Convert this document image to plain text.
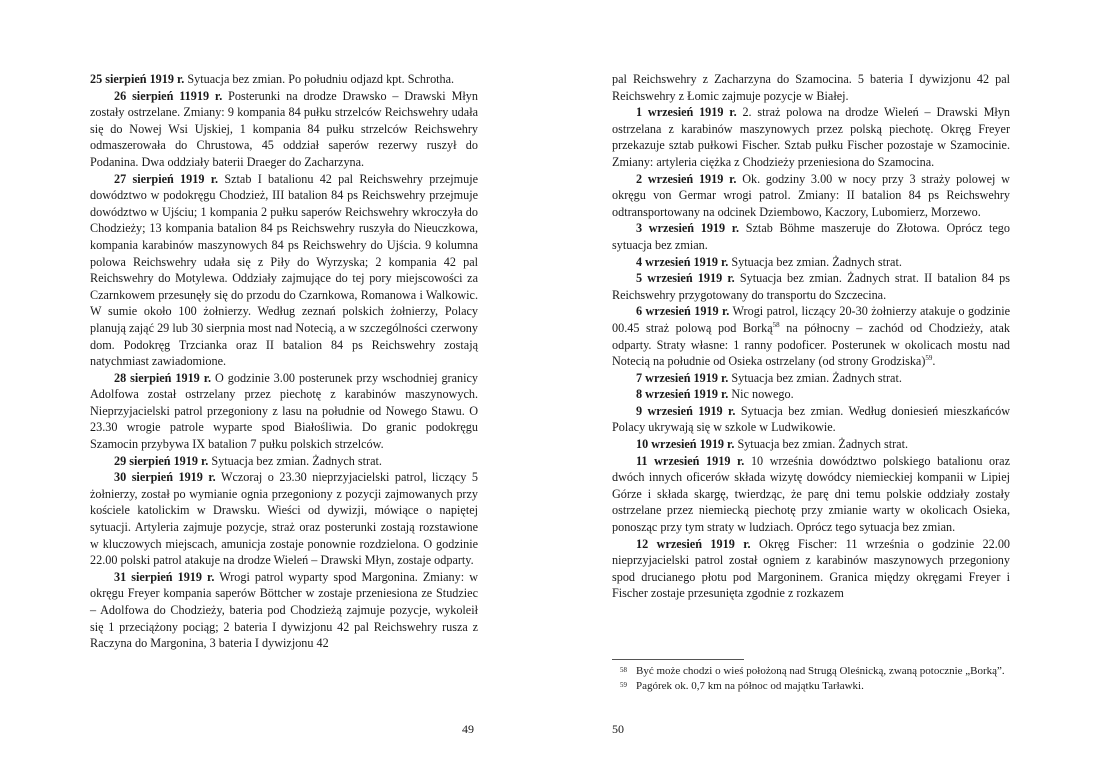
25 sierpień 1919 r. Sytuacja bez zmian. Po południu odjazd kpt. Schrotha.

26 sierpień 11919 r. Posterunki na drodze Drawsko – Drawski Młyn zostały ostrzelane. Zmiany: 9 kompania 84 pułku strzelców Reichswehry udała się do Nowej Wsi Ujskiej, 1 kompania 84 pułku strzelców Reichswehry odmaszerowała do Chrustowa, 45 oddział saperów rezerwy ruszył do Podanina. Dwa oddziały baterii Draeger do Zacharzyna.

27 sierpień 1919 r. Sztab I batalionu 42 pal Reichswehry przejmuje dowództwo w podokręgu Chodzież, III batalion 84 ps Reichswehry przejmuje dowództwo w Ujściu; 1 kompania 2 pułku saperów Reichswehry wkroczyła do Chodzieży; 13 kompania batalion 84 ps Reichswehry ruszyła do Nieuczkowa, kompania karabinów maszynowych 84 ps Reichswehry do Ujścia. 9 kolumna polowa Reichswehry udała się z Piły do Wyrzyska; 2 kompania 42 pal Reichswehry do Motylewa. Oddziały zajmujące do tej pory miejscowości za Czarnkowem przesunęły się do przodu do Czarnkowa, Romanowa i Walkowic. W sumie około 100 żołnierzy. Według zeznań polskich żołnierzy, Polacy planują zająć 29 lub 30 sierpnia most nad Notecią, a w szczególności czerwony dom. Podokręg Trzcianka oraz II batalion 84 ps Reichswehry zostają natychmiast zawiadomione.

28 sierpień 1919 r. O godzinie 3.00 posterunek przy wschodniej granicy Adolfowa został ostrzelany przez piechotę z karabinów maszynowych. Nieprzyjacielski patrol przegoniony z lasu na południe od Nowego Stawu. O 23.30 wrogie patrole wyparte spod Białośliwia. Do granic podokręgu Szamocin przybywa IX batalion 7 pułku polskich strzelców.

29 sierpień 1919 r. Sytuacja bez zmian. Żadnych strat.

30 sierpień 1919 r. Wczoraj o 23.30 nieprzyjacielski patrol, liczący 5 żołnierzy, został po wymianie ognia przegoniony z pozycji zajmowanych przy kościele katolickim w Drawsku. Wieści od dywizji, mówiące o napiętej sytuacji. Artyleria zajmuje pozycje, straż oraz posterunki zostają rozstawione w kluczowych miejscach, amunicja zostaje ponownie rozdzielona. O godzinie 22.00 polski patrol atakuje na drodze Wieleń – Drawski Młyn, zostaje odparty.

31 sierpień 1919 r. Wrogi patrol wyparty spod Margonina. Zmiany: w okręgu Freyer kompania saperów Böttcher w zostaje przeniesiona ze Studziec – Adolfowa do Chodzieży, bateria pod Chodzieżą zajmuje pozycje, wykoleił się 1 przeciążony pociąg; 2 bateria I dywizjonu 42 pal Reichswehry rusza z Raczyna do Margonina, 3 bateria I dywizjonu 42

49

pal Reichswehry z Zacharzyna do Szamocina. 5 bateria I dywizjonu 42 pal Reichswehry z Łomic zajmuje pozycje w Białej.

1 wrzesień 1919 r. 2. straż polowa na drodze Wieleń – Drawski Młyn ostrzelana z karabinów maszynowych przez polską piechotę. Okręg Freyer przekazuje sztab pułkowi Fischer. Sztab pułku Fischer pozostaje w Szamocinie. Zmiany: artyleria ciężka z Chodzieży przeniesiona do Szamocina.

2 wrzesień 1919 r. Ok. godziny 3.00 w nocy przy 3 straży polowej w okręgu von Germar wrogi patrol. Zmiany: II batalion 84 ps Reichswehry odtransportowany na odcinek Dziembowo, Kaczory, Lubomierz, Morzewo.

3 wrzesień 1919 r. Sztab Böhme maszeruje do Złotowa. Oprócz tego sytuacja bez zmian.

4 wrzesień 1919 r. Sytuacja bez zmian. Żadnych strat.

5 wrzesień 1919 r. Sytuacja bez zmian. Żadnych strat. II batalion 84 ps Reichswehry przygotowany do transportu do Szczecina.

6 wrzesień 1919 r. Wrogi patrol, liczący 20-30 żołnierzy atakuje o godzinie 00.45 straż polową pod Borką$^{58}$ na północny – zachód od Chodzieży, atak odparty. Straty własne: 1 ranny podoficer. Posterunek w okolicach mostu nad Notecią na południe od Osieka ostrzelany (od strony Grodziska)$^{59}$.

7 wrzesień 1919 r. Sytuacja bez zmian. Żadnych strat.

8 wrzesień 1919 r. Nic nowego.

9 wrzesień 1919 r. Sytuacja bez zmian. Według doniesień mieszkańców Polacy ukrywają się w szkole w Ludwikowie.

10 wrzesień 1919 r. Sytuacja bez zmian. Żadnych strat.

11 wrzesień 1919 r. 10 września dowództwo polskiego batalionu oraz dwóch innych oficerów składa wizytę dowódcy niemieckiej kompanii w Lipiej Górze i składa skargę, twierdząc, że parę dni temu polskie oddziały zostały ostrzelane przez niemiecką piechotę przy zmianie warty w okolicach Osieka, ponosząc przy tym straty w ludziach. Oprócz tego sytuacja bez zmian.

12 wrzesień 1919 r. Okręg Fischer: 11 września o godzinie 22.00 nieprzyjacielski patrol został ogniem z karabinów maszynowych przegoniony spod drucianego płotu pod Margoninem. Granica między okręgami Freyer i Fischer zostaje przesunięta zgodnie z rozkazem

58 Być może chodzi o wieś położoną nad Strugą Oleśnicką, zwaną potocznie „Borką”.
59 Pagórek ok. 0,7 km na północ od majątku Tarławki.
50
